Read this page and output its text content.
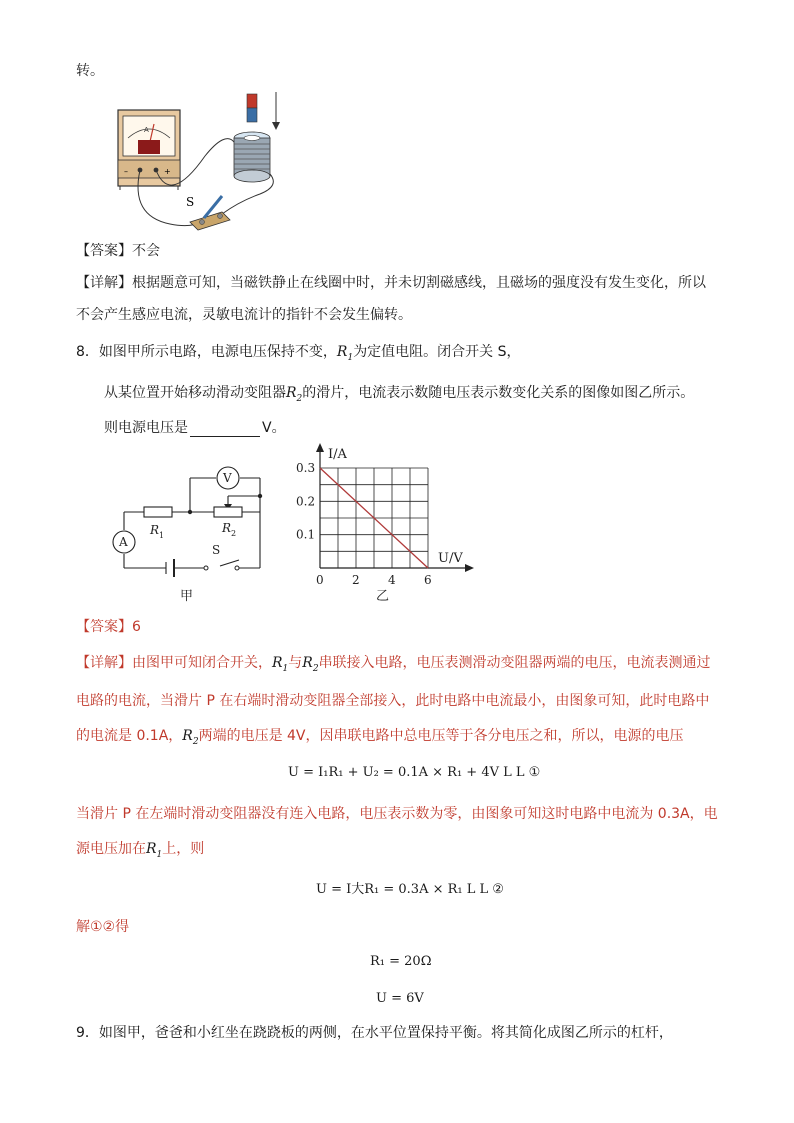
转。
A
–	+
S
【答案】不会
【详解】根据题意可知，当磁铁静止在线圈中时，并未切割磁感线，且磁场的强度没有发生变化，所以
不会产生感应电流，灵敏电流计的指针不会发生偏转。
8．如图甲所示电路，电源电压保持不变，$R_1$为定值电阻。闭合开关 S，
从某位置开始移动滑动变阻器$R_2$的滑片，电流表示数随电压表示数变化关系的图像如图乙所示。
则电源电压是	V。
A
V
R 1
R 2
S
甲
0 2 4 6
0.1
0.2
0.3
I/A
U/V
乙
【答案】6
【详解】由图甲可知闭合开关，$R_1$与$R_2$串联接入电路，电压表测滑动变阻器两端的电压，电流表测通过
电路的电流，当滑片 P 在右端时滑动变阻器全部接入，此时电路中电流最小，由图象可知，此时电路中
的电流是 0.1A，$R_2$两端的电压是 4V，因串联电路中总电压等于各分电压之和，所以，电源的电压
U = I₁R₁ + U₂ = 0.1A × R₁ + 4V L L ①
当滑片 P 在左端时滑动变阻器没有连入电路，电压表示数为零，由图象可知这时电路中电流为 0.3A，电
源电压加在$R_1$上，则
U = I大R₁ = 0.3A × R₁ L L ②
解①②得
R₁ = 20Ω
U = 6V
9．如图甲，爸爸和小红坐在跷跷板的两侧，在水平位置保持平衡。将其简化成图乙所示的杠杆，
